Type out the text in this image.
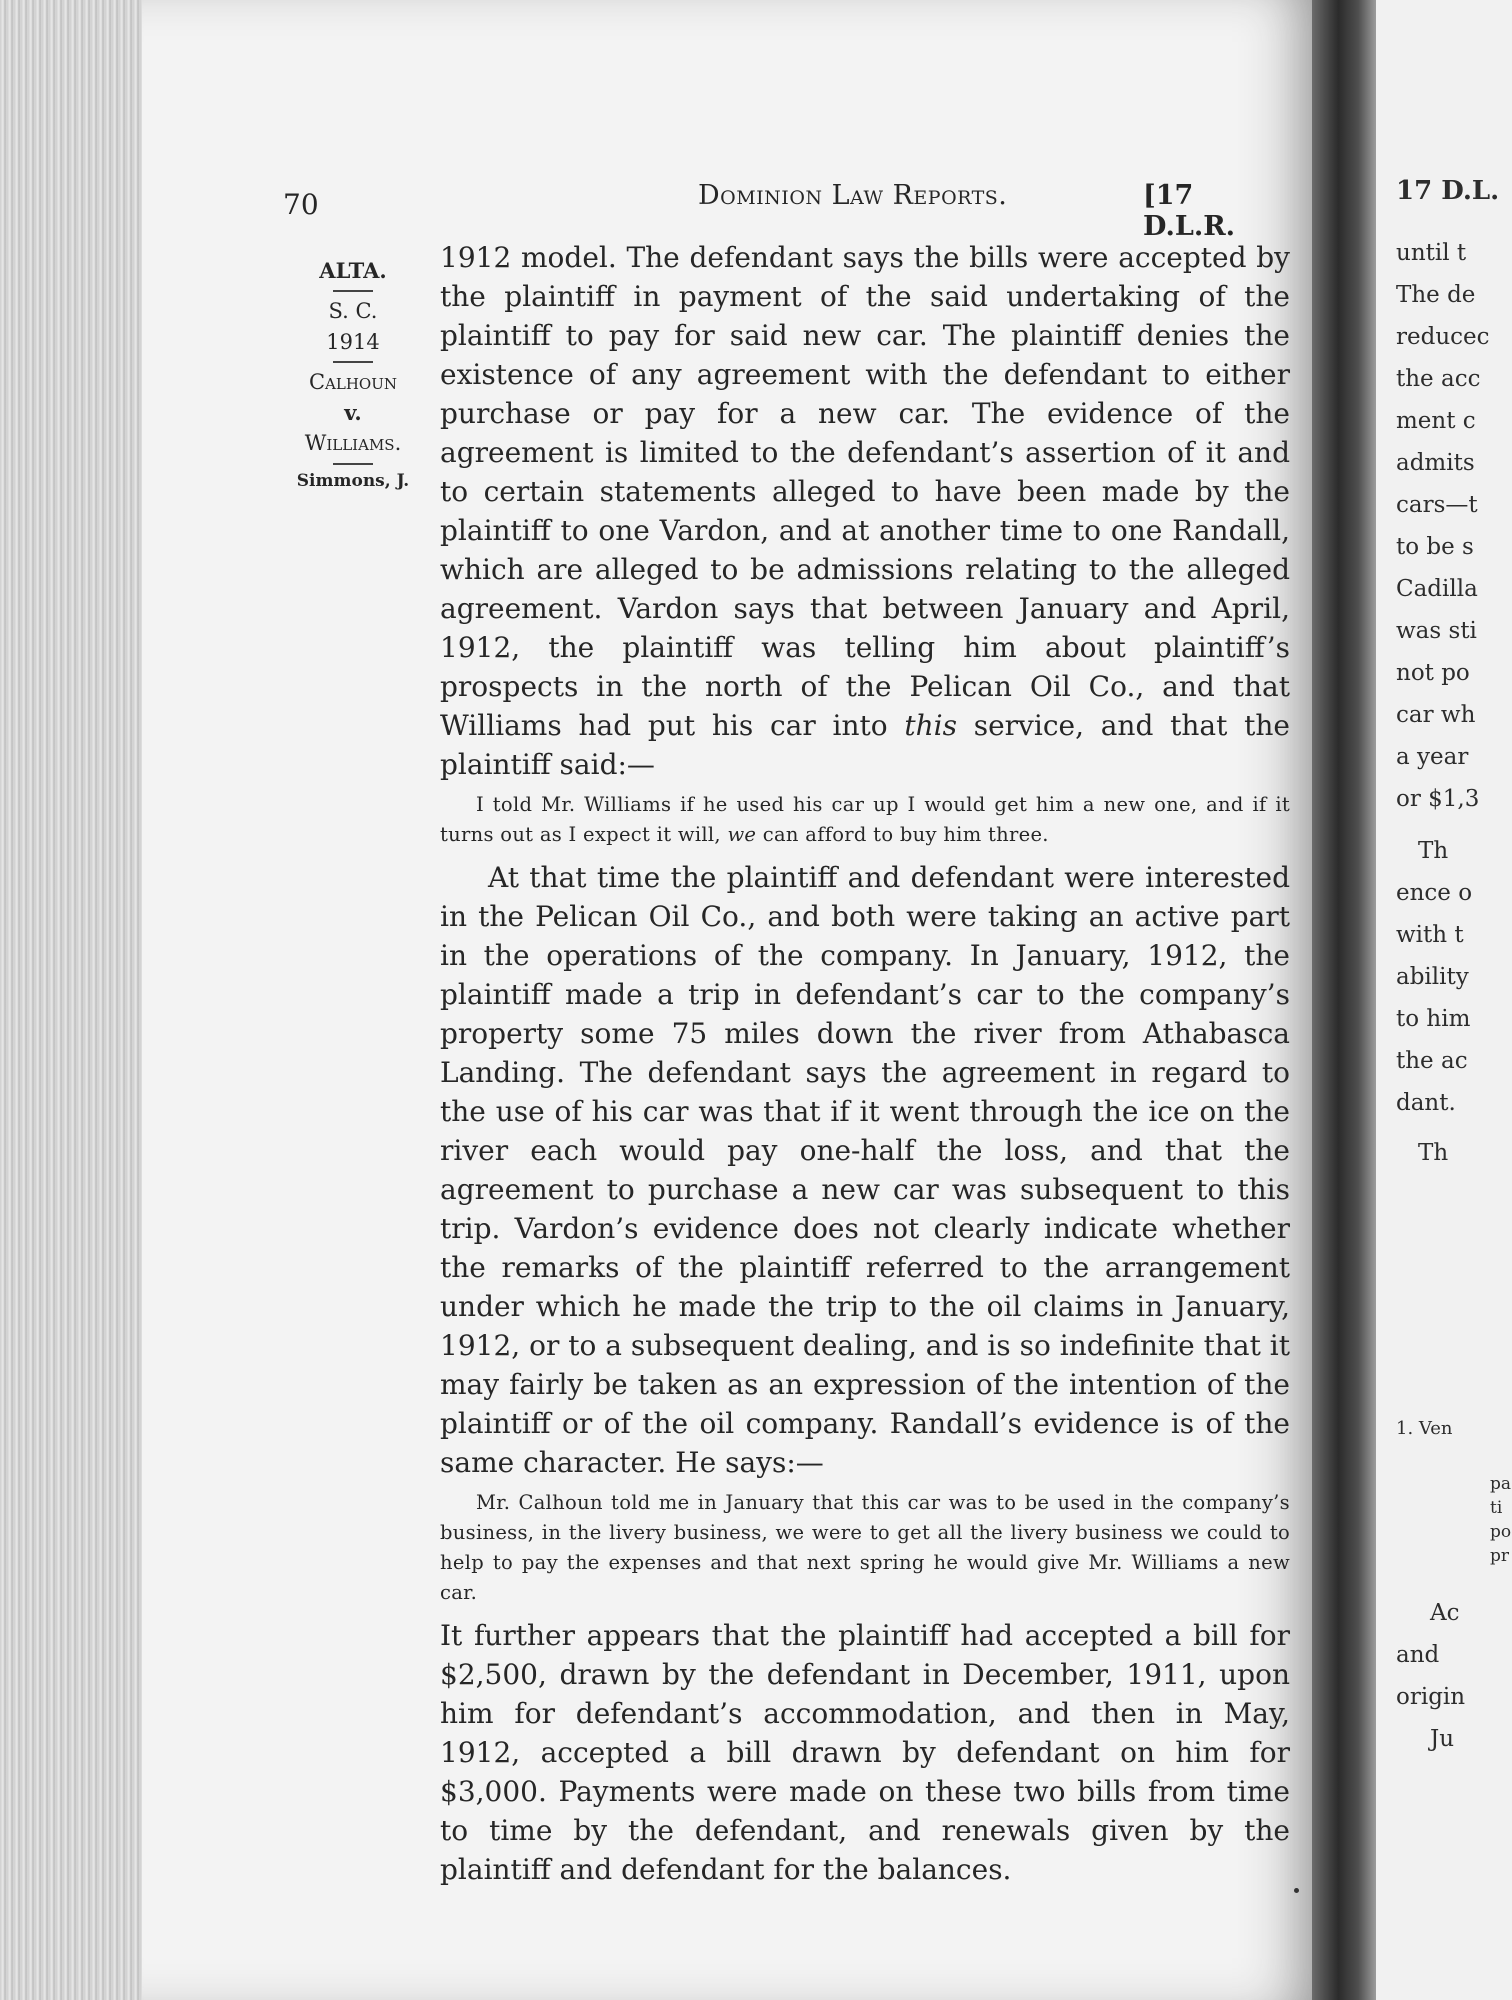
70	Dominion Law Reports.	[17 D.L.R.
ALTA.
S. C.
1914
Calhoun
v.
Williams.
Simmons, J.

1912 model. The defendant says the bills were accepted by the plaintiff in payment of the said undertaking of the plaintiff to pay for said new car. The plaintiff denies the existence of any agreement with the defendant to either purchase or pay for a new car. The evidence of the agreement is limited to the defendant’s assertion of it and to certain statements alleged to have been made by the plaintiff to one Vardon, and at another time to one Randall, which are alleged to be admissions relating to the alleged agreement. Vardon says that between January and April, 1912, the plaintiff was telling him about plaintiff’s prospects in the north of the Pelican Oil Co., and that Williams had put his car into this service, and that the plaintiff said:—

I told Mr. Williams if he used his car up I would get him a new one, and if it turns out as I expect it will, we can afford to buy him three.

At that time the plaintiff and defendant were interested in the Pelican Oil Co., and both were taking an active part in the operations of the company. In January, 1912, the plaintiff made a trip in defendant’s car to the company’s property some 75 miles down the river from Athabasca Landing. The defendant says the agreement in regard to the use of his car was that if it went through the ice on the river each would pay one-half the loss, and that the agreement to purchase a new car was subsequent to this trip. Vardon’s evidence does not clearly indicate whether the remarks of the plaintiff referred to the arrangement under which he made the trip to the oil claims in January, 1912, or to a subsequent dealing, and is so indefinite that it may fairly be taken as an expression of the intention of the plaintiff or of the oil company. Randall’s evidence is of the same character. He says:—

Mr. Calhoun told me in January that this car was to be used in the company’s business, in the livery business, we were to get all the livery business we could to help to pay the expenses and that next spring he would give Mr. Williams a new car.

It further appears that the plaintiff had accepted a bill for $2,500, drawn by the defendant in December, 1911, upon him for defendant’s accommodation, and then in May, 1912, accepted a bill drawn by defendant on him for $3,000. Payments were made on these two bills from time to time by the defendant, and renewals given by the plaintiff and defendant for the balances.

17 D.L.
until t
The de
reducec
the acc
ment c
admits
cars—t
to be s
Cadilla
was sti
not po
car wh
a year
or $1,3
Th
ence o
with t
ability
to him
the ac
dant.
Th
1. Ven
pa
ti
po
pr
Ac
and
origin
Ju
